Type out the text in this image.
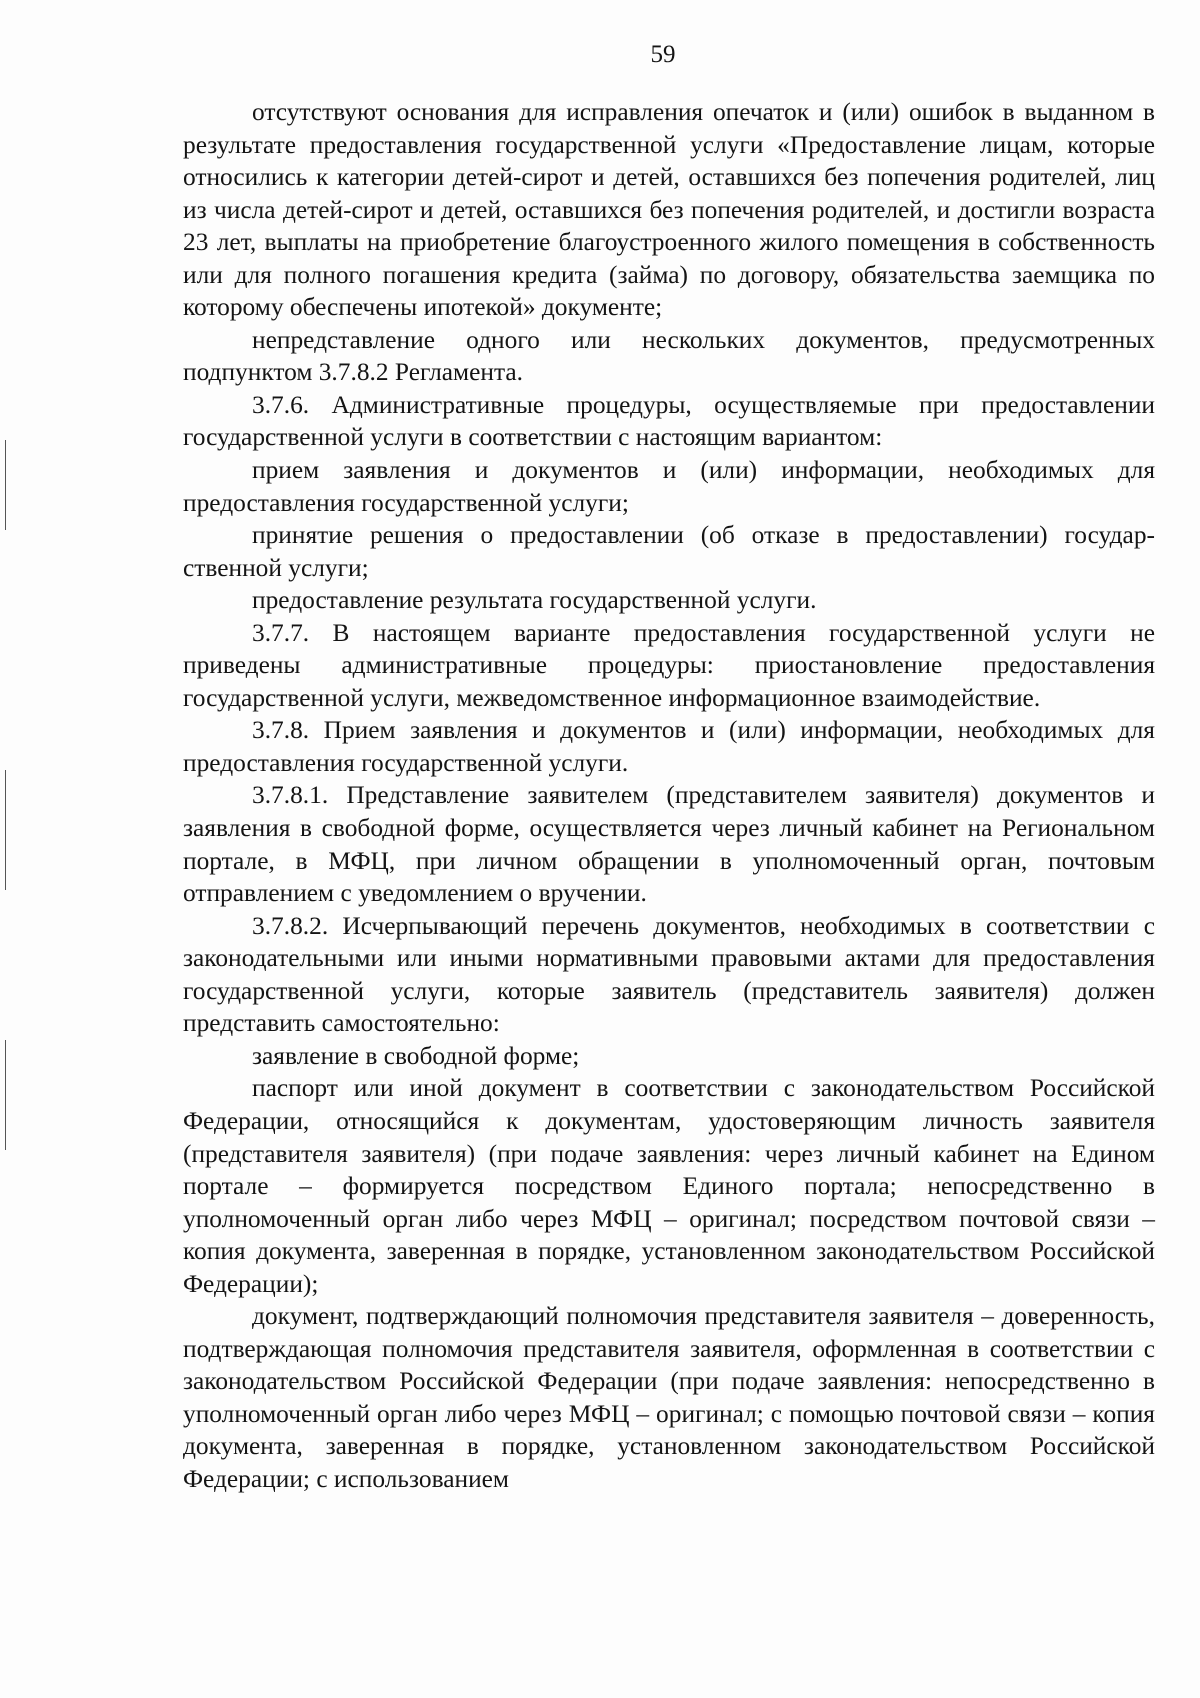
59

отсутствуют основания для исправления опечаток и (или) ошибок в выданном в результате предоставления государственной услуги «Предоставление лицам, которые относились к категории детей-сирот и детей, оставшихся без попечения родителей, лиц из числа детей-сирот и детей, оставшихся без попечения родителей, и достигли возраста 23 лет, выплаты на приобретение благоустроенного жилого помещения в собственность или для полного погашения кредита (займа) по договору, обязательства заемщика по которому обеспечены ипотекой» документе;

непредставление одного или нескольких документов, предусмотренных подпунктом 3.7.8.2 Регламента.

3.7.6. Административные процедуры, осуществляемые при предоставлении государственной услуги в соответствии с настоящим вариантом:

прием заявления и документов и (или) информации, необходимых для предоставления государственной услуги;

принятие решения о предоставлении (об отказе в предоставлении) государственной услуги;

предоставление результата государственной услуги.

3.7.7. В настоящем варианте предоставления государственной услуги не приведены административные процедуры: приостановление предоставления государственной услуги, межведомственное информационное взаимодействие.

3.7.8. Прием заявления и документов и (или) информации, необходимых для предоставления государственной услуги.

3.7.8.1. Представление заявителем (представителем заявителя) документов и заявления в свободной форме, осуществляется через личный кабинет на Региональном портале, в МФЦ, при личном обращении в уполномоченный орган, почтовым отправлением с уведомлением о вручении.

3.7.8.2. Исчерпывающий перечень документов, необходимых в соответствии с законодательными или иными нормативными правовыми актами для предоставления государственной услуги, которые заявитель (представитель заявителя) должен представить самостоятельно:

заявление в свободной форме;

паспорт или иной документ в соответствии с законодательством Российской Федерации, относящийся к документам, удостоверяющим личность заявителя (представителя заявителя) (при подаче заявления: через личный кабинет на Едином портале – формируется посредством Единого портала; непосредственно в уполномоченный орган либо через МФЦ – оригинал; посредством почтовой связи – копия документа, заверенная в порядке, установленном законодательством Российской Федерации);

документ, подтверждающий полномочия представителя заявителя – доверенность, подтверждающая полномочия представителя заявителя, оформленная в соответствии с законодательством Российской Федерации (при подаче заявления: непосредственно в уполномоченный орган либо через МФЦ – оригинал; с помощью почтовой связи – копия документа, заверенная в порядке, установленном законодательством Российской Федерации; с использованием
